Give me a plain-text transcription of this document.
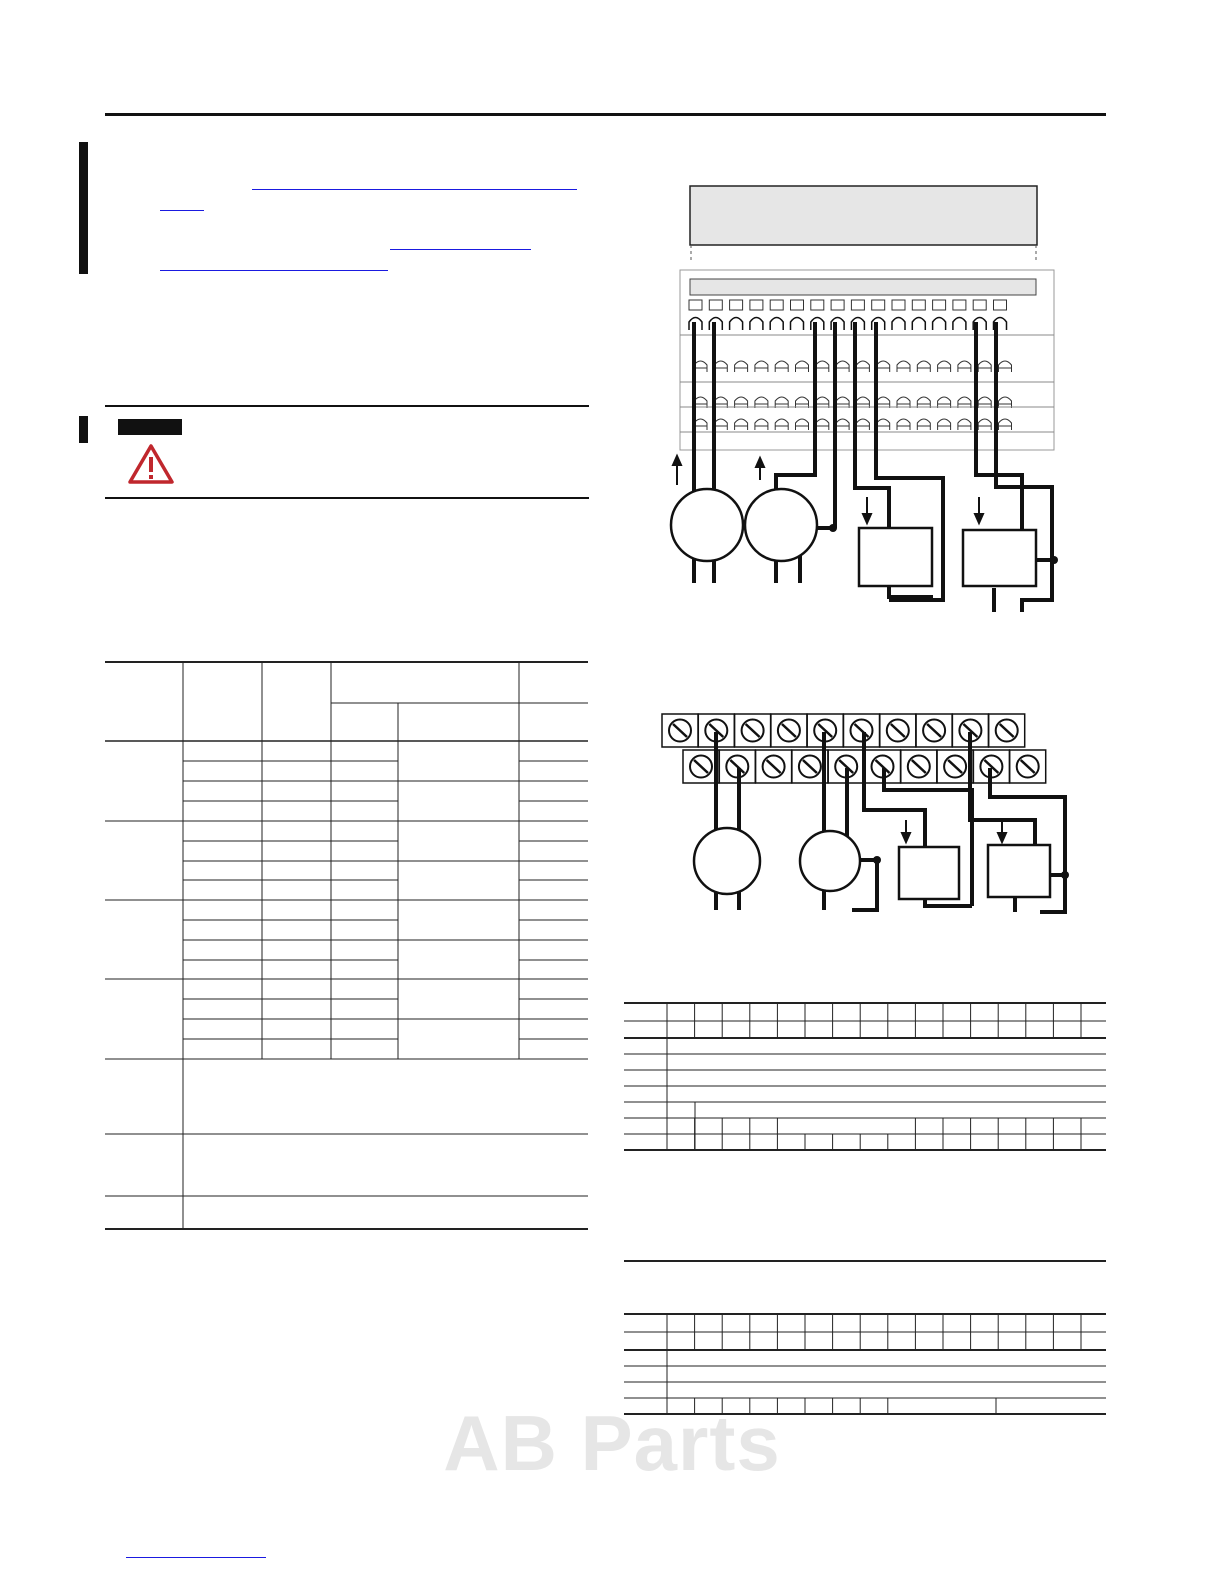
AB Parts
